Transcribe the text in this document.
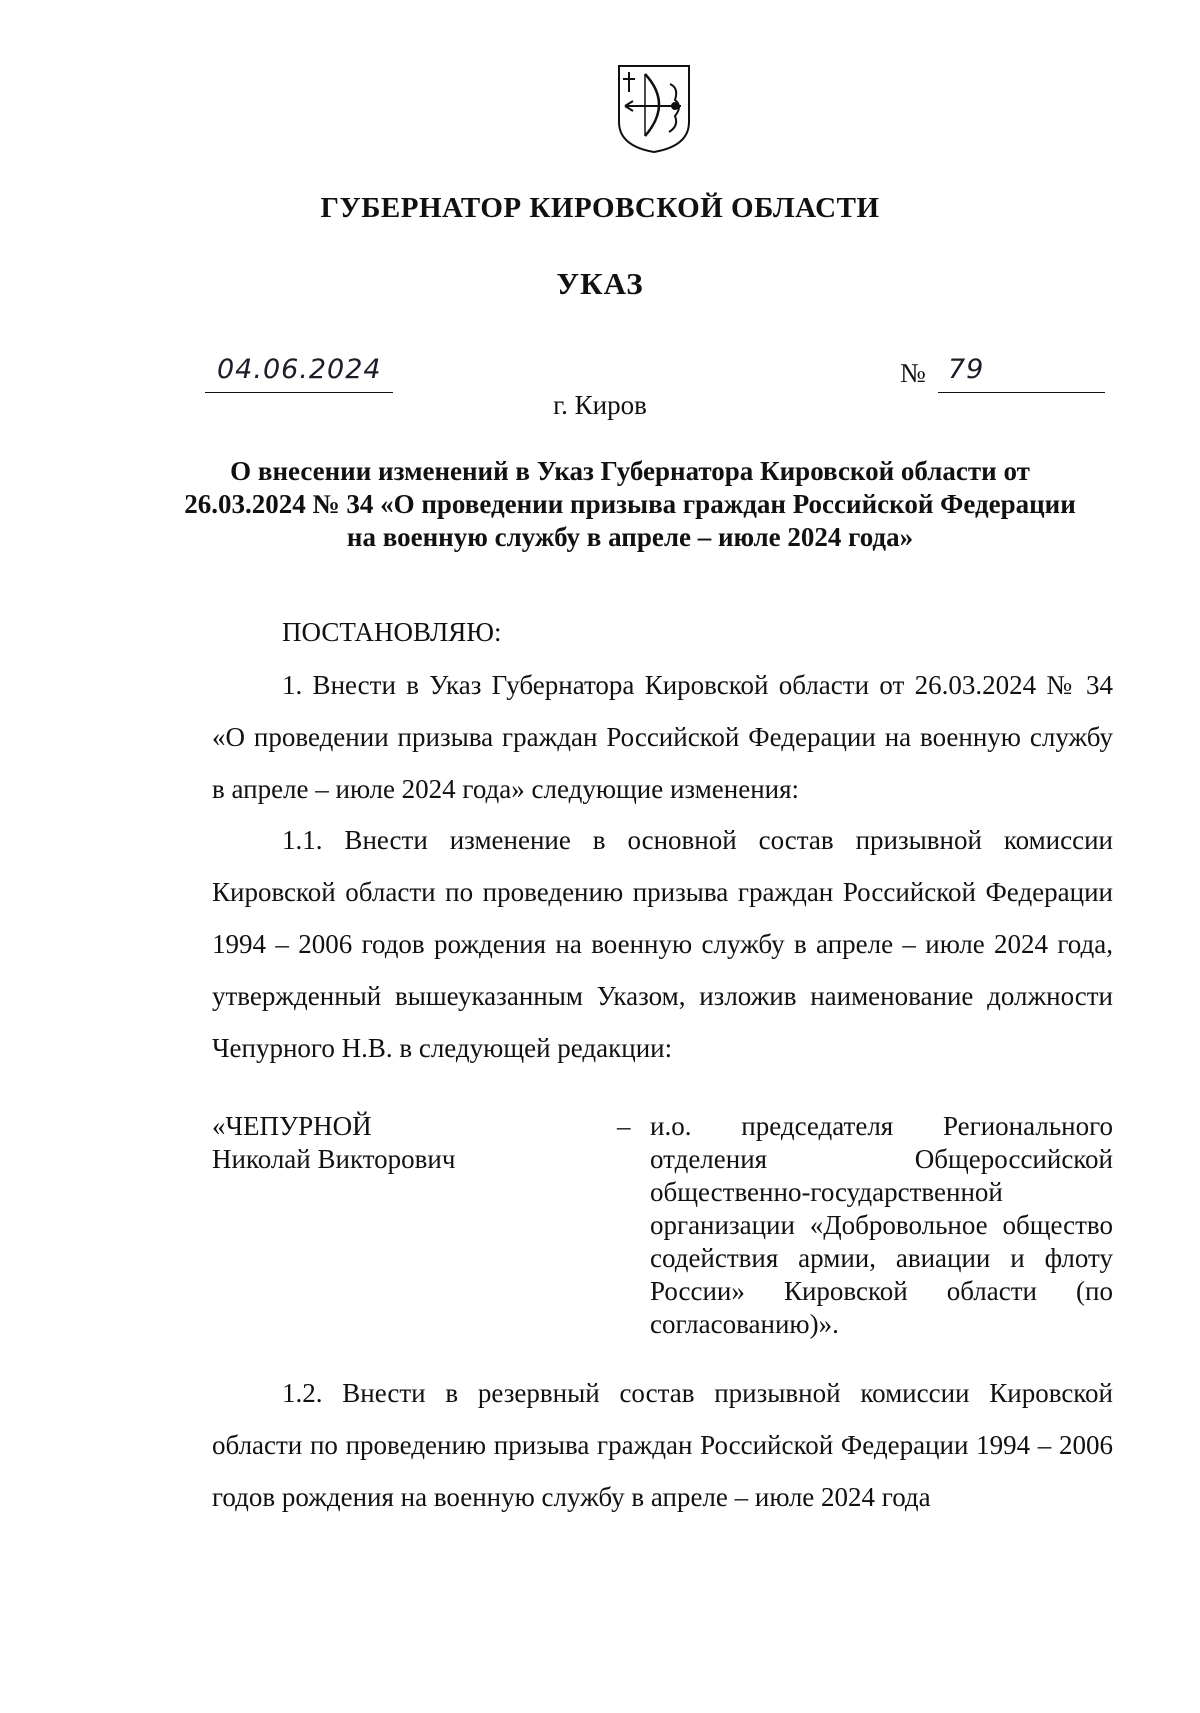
ГУБЕРНАТОР КИРОВСКОЙ ОБЛАСТИ
УКАЗ
04.06.2024	№ 79
г. Киров
О внесении изменений в Указ Губернатора Кировской области от 26.03.2024 № 34 «О проведении призыва граждан Российской Федерации на военную службу в апреле – июле 2024 года»
ПОСТАНОВЛЯЮ:
1. Внести в Указ Губернатора Кировской области от 26.03.2024 № 34 «О проведении призыва граждан Российской Федерации на военную службу в апреле – июле 2024 года» следующие изменения:
1.1. Внести изменение в основной состав призывной комиссии Кировской области по проведению призыва граждан Российской Федерации 1994 – 2006 годов рождения на военную службу в апреле – июле 2024 года, утвержденный вышеуказанным Указом, изложив наименование должности Чепурного Н.В. в следующей редакции:
«ЧЕПУРНОЙ
Николай Викторович
– и.о. председателя Регионального отделения Общероссийской общественно-государственной организации «Добровольное общество содействия армии, авиации и флоту России» Кировской области (по согласованию)».
1.2. Внести в резервный состав призывной комиссии Кировской области по проведению призыва граждан Российской Федерации 1994 – 2006 годов рождения на военную службу в апреле – июле 2024 года
